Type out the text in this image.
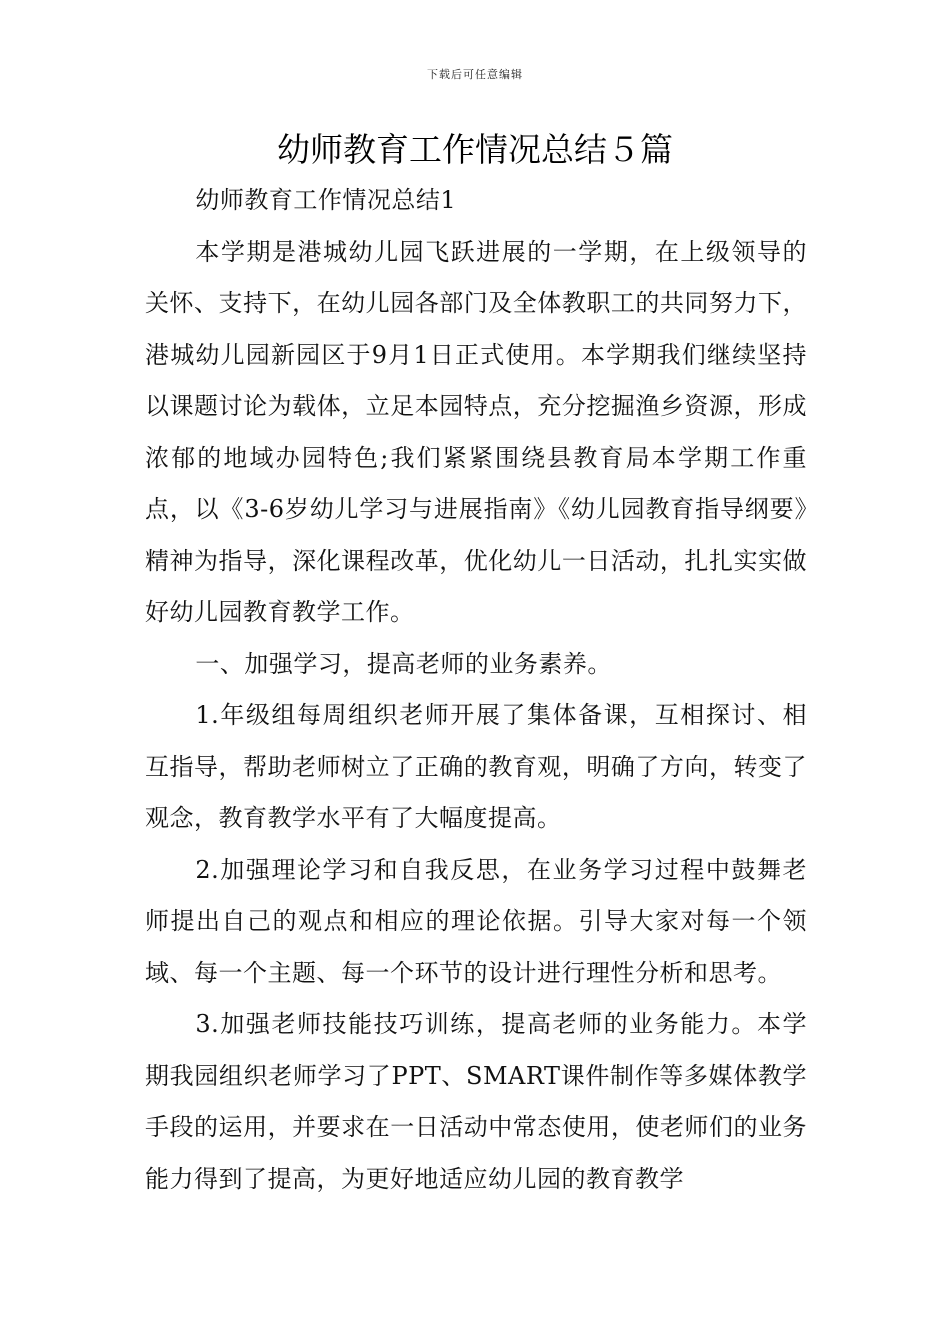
下载后可任意编辑
幼师教育工作情况总结５篇

幼师教育工作情况总结1

本学期是港城幼儿园飞跃进展的一学期，在上级领导的关怀、支持下，在幼儿园各部门及全体教职工的共同努力下，港城幼儿园新园区于9月1日正式使用。本学期我们继续坚持以课题讨论为载体，立足本园特点，充分挖掘渔乡资源，形成浓郁的地域办园特色;我们紧紧围绕县教育局本学期工作重点，以《3-6岁幼儿学习与进展指南》《幼儿园教育指导纲要》精神为指导，深化课程改革，优化幼儿一日活动，扎扎实实做好幼儿园教育教学工作。

一、加强学习，提高老师的业务素养。

1.年级组每周组织老师开展了集体备课，互相探讨、相互指导，帮助老师树立了正确的教育观，明确了方向，转变了观念，教育教学水平有了大幅度提高。

2.加强理论学习和自我反思，在业务学习过程中鼓舞老师提出自己的观点和相应的理论依据。引导大家对每一个领域、每一个主题、每一个环节的设计进行理性分析和思考。

3.加强老师技能技巧训练，提高老师的业务能力。本学期我园组织老师学习了PPT、SMART课件制作等多媒体教学手段的运用，并要求在一日活动中常态使用，使老师们的业务能力得到了提高，为更好地适应幼儿园的教育教学
